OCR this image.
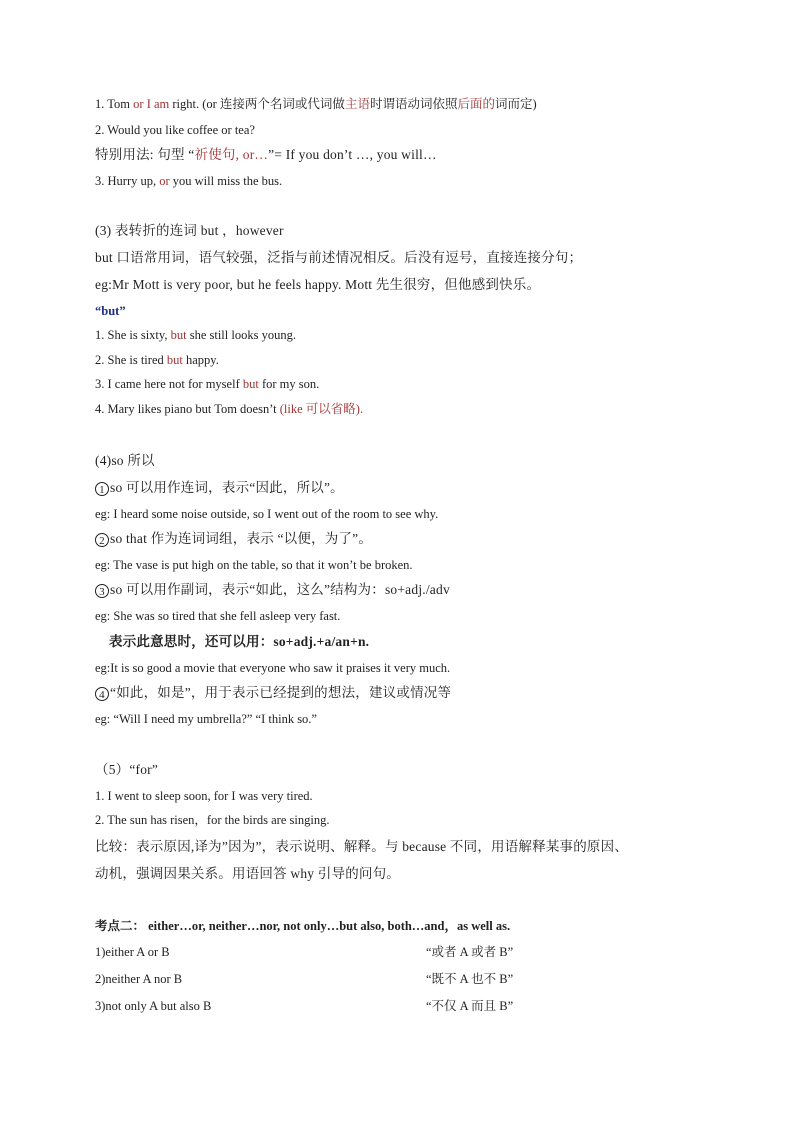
1. Tom or I am right. (or 连接两个名词或代词做主语时谓语动词依照后面的词而定)
2. Would you like coffee or tea?
特别用法: 句型 “祈使句, or…”= If you don’t …, you will…
3. Hurry up, or you will miss the bus.
(3) 表转折的连词 but ，however
but 口语常用词，语气较强，泛指与前述情况相反。后没有逗号，直接连接分句；
eg:Mr Mott is very poor, but he feels happy. Mott 先生很穷，但他感到快乐。
“but”
1. She is sixty, but she still looks young.
2. She is tired but happy.
3. I came here not for myself but for my son.
4. Mary likes piano but Tom doesn’t (like 可以省略).
(4)so 所以
1 so 可以用作连词，表示“因此，所以”。
eg: I heard some noise outside, so I went out of the room to see why.
2 so that 作为连词词组，表示 “以便，为了”。
eg: The vase is put high on the table, so that it won’t be broken.
3 so 可以用作副词，表示“如此，这么”结构为：so+adj./adv
eg: She was so tired that she fell asleep very fast.
表示此意思时，还可以用：so+adj.+a/an+n.
eg:It is so good a movie that everyone who saw it praises it very much.
4 “如此，如是”，用于表示已经提到的想法，建议或情况等
eg: “Will I need my umbrella?” “I think so.”
（5）“for”
1. I went to sleep soon, for I was very tired.
2. The sun has risen，for the birds are singing.
比较：表示原因,译为”因为”，表示说明、解释。与 because 不同，用语解释某事的原因、
动机，强调因果关系。用语回答 why 引导的问句。
考点二： either…or, neither…nor, not only…but also, both…and，as well as.
1)either A or B	“或者 A 或者 B”
2)neither A nor B	“既不 A 也不 B”
3)not only A but also B	“不仅 A 而且 B”
